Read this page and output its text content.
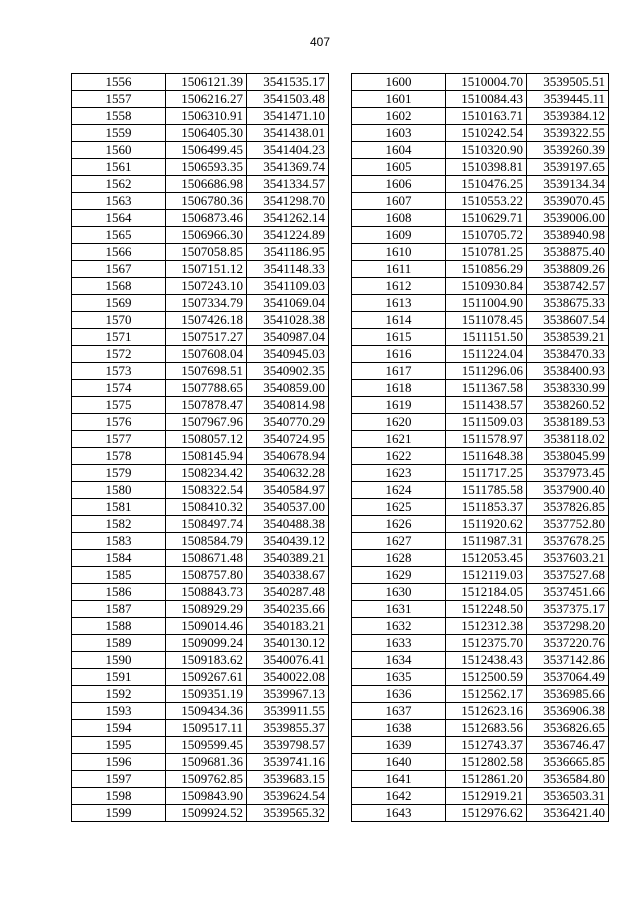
407
1556	1506121.39	3541535.17
1557	1506216.27	3541503.48
1558	1506310.91	3541471.10
1559	1506405.30	3541438.01
1560	1506499.45	3541404.23
1561	1506593.35	3541369.74
1562	1506686.98	3541334.57
1563	1506780.36	3541298.70
1564	1506873.46	3541262.14
1565	1506966.30	3541224.89
1566	1507058.85	3541186.95
1567	1507151.12	3541148.33
1568	1507243.10	3541109.03
1569	1507334.79	3541069.04
1570	1507426.18	3541028.38
1571	1507517.27	3540987.04
1572	1507608.04	3540945.03
1573	1507698.51	3540902.35
1574	1507788.65	3540859.00
1575	1507878.47	3540814.98
1576	1507967.96	3540770.29
1577	1508057.12	3540724.95
1578	1508145.94	3540678.94
1579	1508234.42	3540632.28
1580	1508322.54	3540584.97
1581	1508410.32	3540537.00
1582	1508497.74	3540488.38
1583	1508584.79	3540439.12
1584	1508671.48	3540389.21
1585	1508757.80	3540338.67
1586	1508843.73	3540287.48
1587	1508929.29	3540235.66
1588	1509014.46	3540183.21
1589	1509099.24	3540130.12
1590	1509183.62	3540076.41
1591	1509267.61	3540022.08
1592	1509351.19	3539967.13
1593	1509434.36	3539911.55
1594	1509517.11	3539855.37
1595	1509599.45	3539798.57
1596	1509681.36	3539741.16
1597	1509762.85	3539683.15
1598	1509843.90	3539624.54
1599	1509924.52	3539565.32
1600	1510004.70	3539505.51
1601	1510084.43	3539445.11
1602	1510163.71	3539384.12
1603	1510242.54	3539322.55
1604	1510320.90	3539260.39
1605	1510398.81	3539197.65
1606	1510476.25	3539134.34
1607	1510553.22	3539070.45
1608	1510629.71	3539006.00
1609	1510705.72	3538940.98
1610	1510781.25	3538875.40
1611	1510856.29	3538809.26
1612	1510930.84	3538742.57
1613	1511004.90	3538675.33
1614	1511078.45	3538607.54
1615	1511151.50	3538539.21
1616	1511224.04	3538470.33
1617	1511296.06	3538400.93
1618	1511367.58	3538330.99
1619	1511438.57	3538260.52
1620	1511509.03	3538189.53
1621	1511578.97	3538118.02
1622	1511648.38	3538045.99
1623	1511717.25	3537973.45
1624	1511785.58	3537900.40
1625	1511853.37	3537826.85
1626	1511920.62	3537752.80
1627	1511987.31	3537678.25
1628	1512053.45	3537603.21
1629	1512119.03	3537527.68
1630	1512184.05	3537451.66
1631	1512248.50	3537375.17
1632	1512312.38	3537298.20
1633	1512375.70	3537220.76
1634	1512438.43	3537142.86
1635	1512500.59	3537064.49
1636	1512562.17	3536985.66
1637	1512623.16	3536906.38
1638	1512683.56	3536826.65
1639	1512743.37	3536746.47
1640	1512802.58	3536665.85
1641	1512861.20	3536584.80
1642	1512919.21	3536503.31
1643	1512976.62	3536421.40
